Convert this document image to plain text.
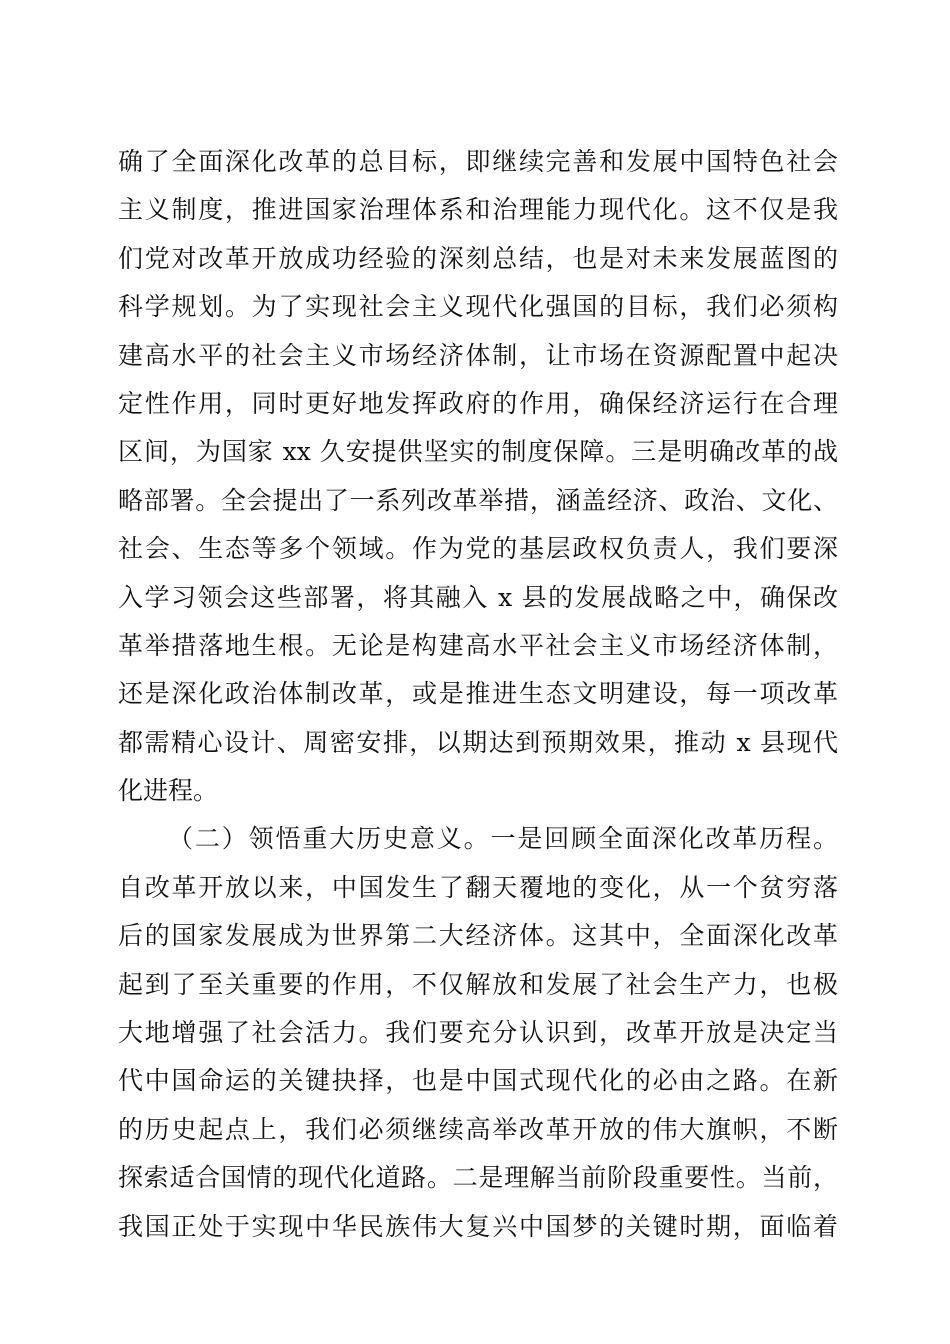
确了全面深化改革的总目标，即继续完善和发展中国特色社会
主义制度，推进国家治理体系和治理能力现代化。这不仅是我
们党对改革开放成功经验的深刻总结，也是对未来发展蓝图的
科学规划。为了实现社会主义现代化强国的目标，我们必须构
建高水平的社会主义市场经济体制，让市场在资源配置中起决
定性作用，同时更好地发挥政府的作用，确保经济运行在合理
区间，为国家 xx 久安提供坚实的制度保障。三是明确改革的战
略部署。全会提出了一系列改革举措，涵盖经济、政治、文化、
社会、生态等多个领域。作为党的基层政权负责人，我们要深
入学习领会这些部署，将其融入 x 县的发展战略之中，确保改
革举措落地生根。无论是构建高水平社会主义市场经济体制，
还是深化政治体制改革，或是推进生态文明建设，每一项改革
都需精心设计、周密安排，以期达到预期效果，推动 x 县现代
化进程。
（二）领悟重大历史意义。一是回顾全面深化改革历程。
自改革开放以来，中国发生了翻天覆地的变化，从一个贫穷落
后的国家发展成为世界第二大经济体。这其中，全面深化改革
起到了至关重要的作用，不仅解放和发展了社会生产力，也极
大地增强了社会活力。我们要充分认识到，改革开放是决定当
代中国命运的关键抉择，也是中国式现代化的必由之路。在新
的历史起点上，我们必须继续高举改革开放的伟大旗帜，不断
探索适合国情的现代化道路。二是理解当前阶段重要性。当前，
我国正处于实现中华民族伟大复兴中国梦的关键时期，面临着
